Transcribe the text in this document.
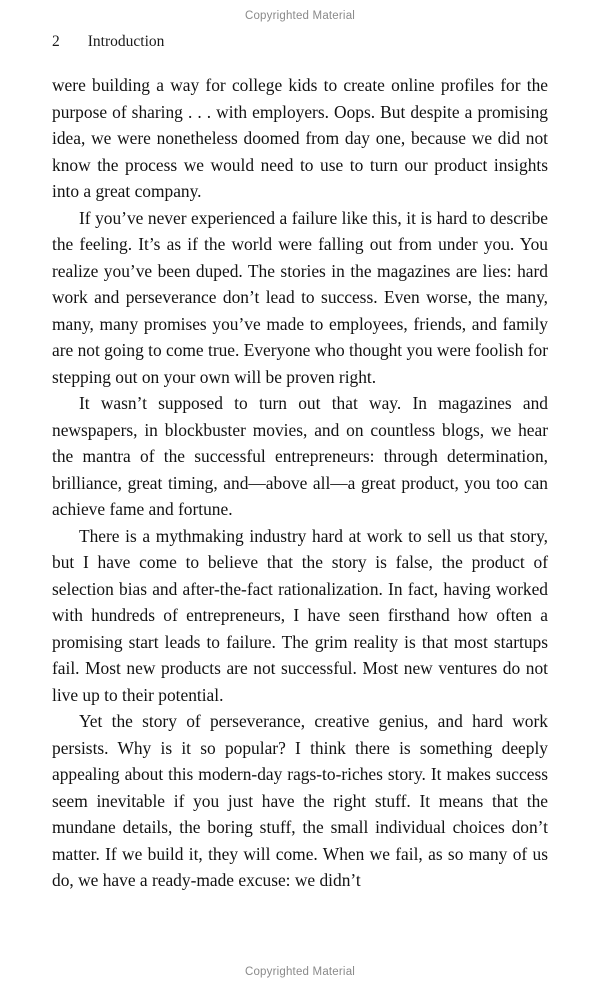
Copyrighted Material
2 Introduction

were building a way for college kids to create online profiles for the purpose of sharing . . . with employers. Oops. But despite a promising idea, we were nonetheless doomed from day one, because we did not know the process we would need to use to turn our product insights into a great company.

If you’ve never experienced a failure like this, it is hard to describe the feeling. It’s as if the world were falling out from under you. You realize you’ve been duped. The stories in the magazines are lies: hard work and perseverance don’t lead to success. Even worse, the many, many, many promises you’ve made to employees, friends, and family are not going to come true. Everyone who thought you were foolish for stepping out on your own will be proven right.

It wasn’t supposed to turn out that way. In magazines and newspapers, in blockbuster movies, and on countless blogs, we hear the mantra of the successful entrepreneurs: through determination, brilliance, great timing, and—above all—a great product, you too can achieve fame and fortune.

There is a mythmaking industry hard at work to sell us that story, but I have come to believe that the story is false, the product of selection bias and after-the-fact rationalization. In fact, having worked with hundreds of entrepreneurs, I have seen firsthand how often a promising start leads to failure. The grim reality is that most startups fail. Most new products are not successful. Most new ventures do not live up to their potential.

Yet the story of perseverance, creative genius, and hard work persists. Why is it so popular? I think there is something deeply appealing about this modern-day rags-to-riches story. It makes success seem inevitable if you just have the right stuff. It means that the mundane details, the boring stuff, the small individual choices don’t matter. If we build it, they will come. When we fail, as so many of us do, we have a ready-made excuse: we didn’t

Copyrighted Material
